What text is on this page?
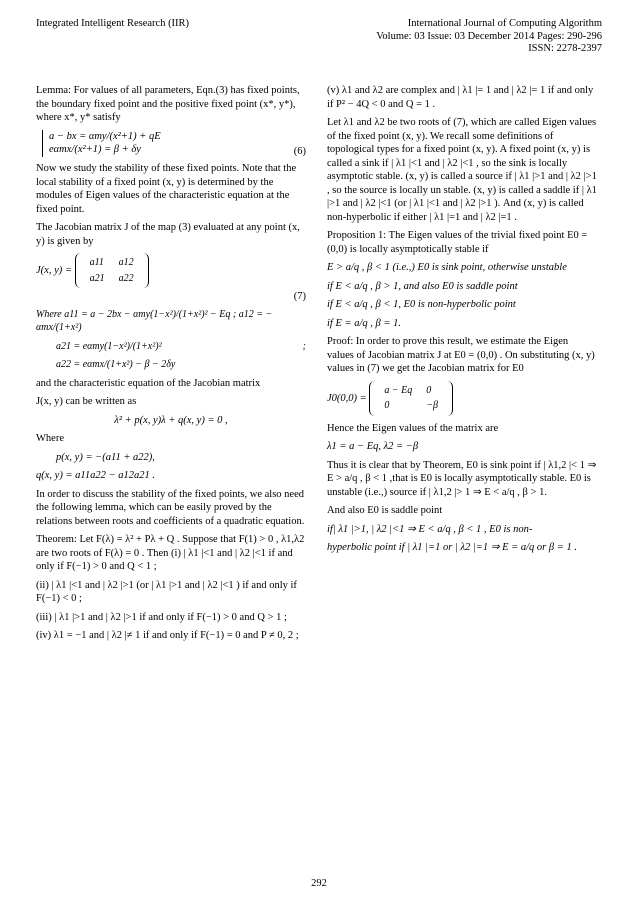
Integrated Intelligent Research (IIR)	International Journal of Computing Algorithm
Volume: 03 Issue: 03 December 2014 Pages: 290-296
ISSN: 2278-2397

Lemma: For values of all parameters, Eqn.(3) has fixed points, the boundary fixed point and the positive fixed point (x*, y*), where x*, y* satisfy

a − bx = αmy/(x²+1) + qE
eαmx/(x²+1) = β + δy	(6)

Now we study the stability of these fixed points. Note that the local stability of a fixed point (x, y) is determined by the modules of Eigen values of the characteristic equation at the fixed point.

The Jacobian matrix J of the map (3) evaluated at any point (x, y) is given by

J(x, y) = a11	a12
a21	a22
(7)

Where a11 = a − 2bx − αmy(1−x²)/(1+x²)² − Eq ; a12 = − αmx/(1+x²)

a21 = eαmy(1−x²)/(1+x²)²	;

a22 = eαmx/(1+x²) − β − 2δy

and the characteristic equation of the Jacobian matrix

J(x, y) can be written as

λ² + p(x, y)λ + q(x, y) = 0 ,

Where

p(x, y) = −(a11 + a22),

q(x, y) = a11a22 − a12a21 .

In order to discuss the stability of the fixed points, we also need the following lemma, which can be easily proved by the relations between roots and coefficients of a quadratic equation.

Theorem: Let F(λ) = λ² + Pλ + Q . Suppose that F(1) > 0 , λ1,λ2 are two roots of F(λ) = 0 . Then (i) | λ1 |<1 and | λ2 |<1 if and only if F(−1) > 0 and Q < 1 ;

(ii) | λ1 |<1 and | λ2 |>1 (or | λ1 |>1 and | λ2 |<1 ) if and only if F(−1) < 0 ;

(iii) | λ1 |>1 and | λ2 |>1 if and only if F(−1) > 0 and Q > 1 ;

(iv) λ1 = −1 and | λ2 |≠ 1 if and only if F(−1) = 0 and P ≠ 0, 2 ;

(v) λ1 and λ2 are complex and | λ1 |= 1 and | λ2 |= 1 if and only if P² − 4Q < 0 and Q = 1 .

Let λ1 and λ2 be two roots of (7), which are called Eigen values of the fixed point (x, y). We recall some definitions of topological types for a fixed point (x, y). A fixed point (x, y) is called a sink if | λ1 |<1 and | λ2 |<1 , so the sink is locally asymptotic stable. (x, y) is called a source if | λ1 |>1 and | λ2 |>1 , so the source is locally un stable. (x, y) is called a saddle if | λ1 |>1 and | λ2 |<1 (or | λ1 |<1 and | λ2 |>1 ). And (x, y) is called non-hyperbolic if either | λ1 |=1 and | λ2 |=1 .

Proposition 1: The Eigen values of the trivial fixed point E0 = (0,0) is locally asymptotically stable if

E > a/q , β < 1 (i.e.,) E0 is sink point, otherwise unstable

if E < a/q , β > 1, and also E0 is saddle point

if E < a/q , β < 1, E0 is non-hyperbolic point

if E = a/q , β = 1.

Proof: In order to prove this result, we estimate the Eigen values of Jacobian matrix J at E0 = (0,0) . On substituting (x, y) values in (7) we get the Jacobian matrix for E0

J0(0,0) = a − Eq	0
0	−β

Hence the Eigen values of the matrix are

λ1 = a − Eq, λ2 = −β

Thus it is clear that by Theorem, E0 is sink point if | λ1,2 |< 1 ⇒ E > a/q , β < 1 ,that is E0 is locally asymptotically stable. E0 is unstable (i.e.,) source if | λ1,2 |> 1 ⇒ E < a/q , β > 1.

And also E0 is saddle point

if| λ1 |>1, | λ2 |<1 ⇒ E < a/q , β < 1 , E0 is non-

hyperbolic point if | λ1 |=1 or | λ2 |=1 ⇒ E = a/q or β = 1 .

292
